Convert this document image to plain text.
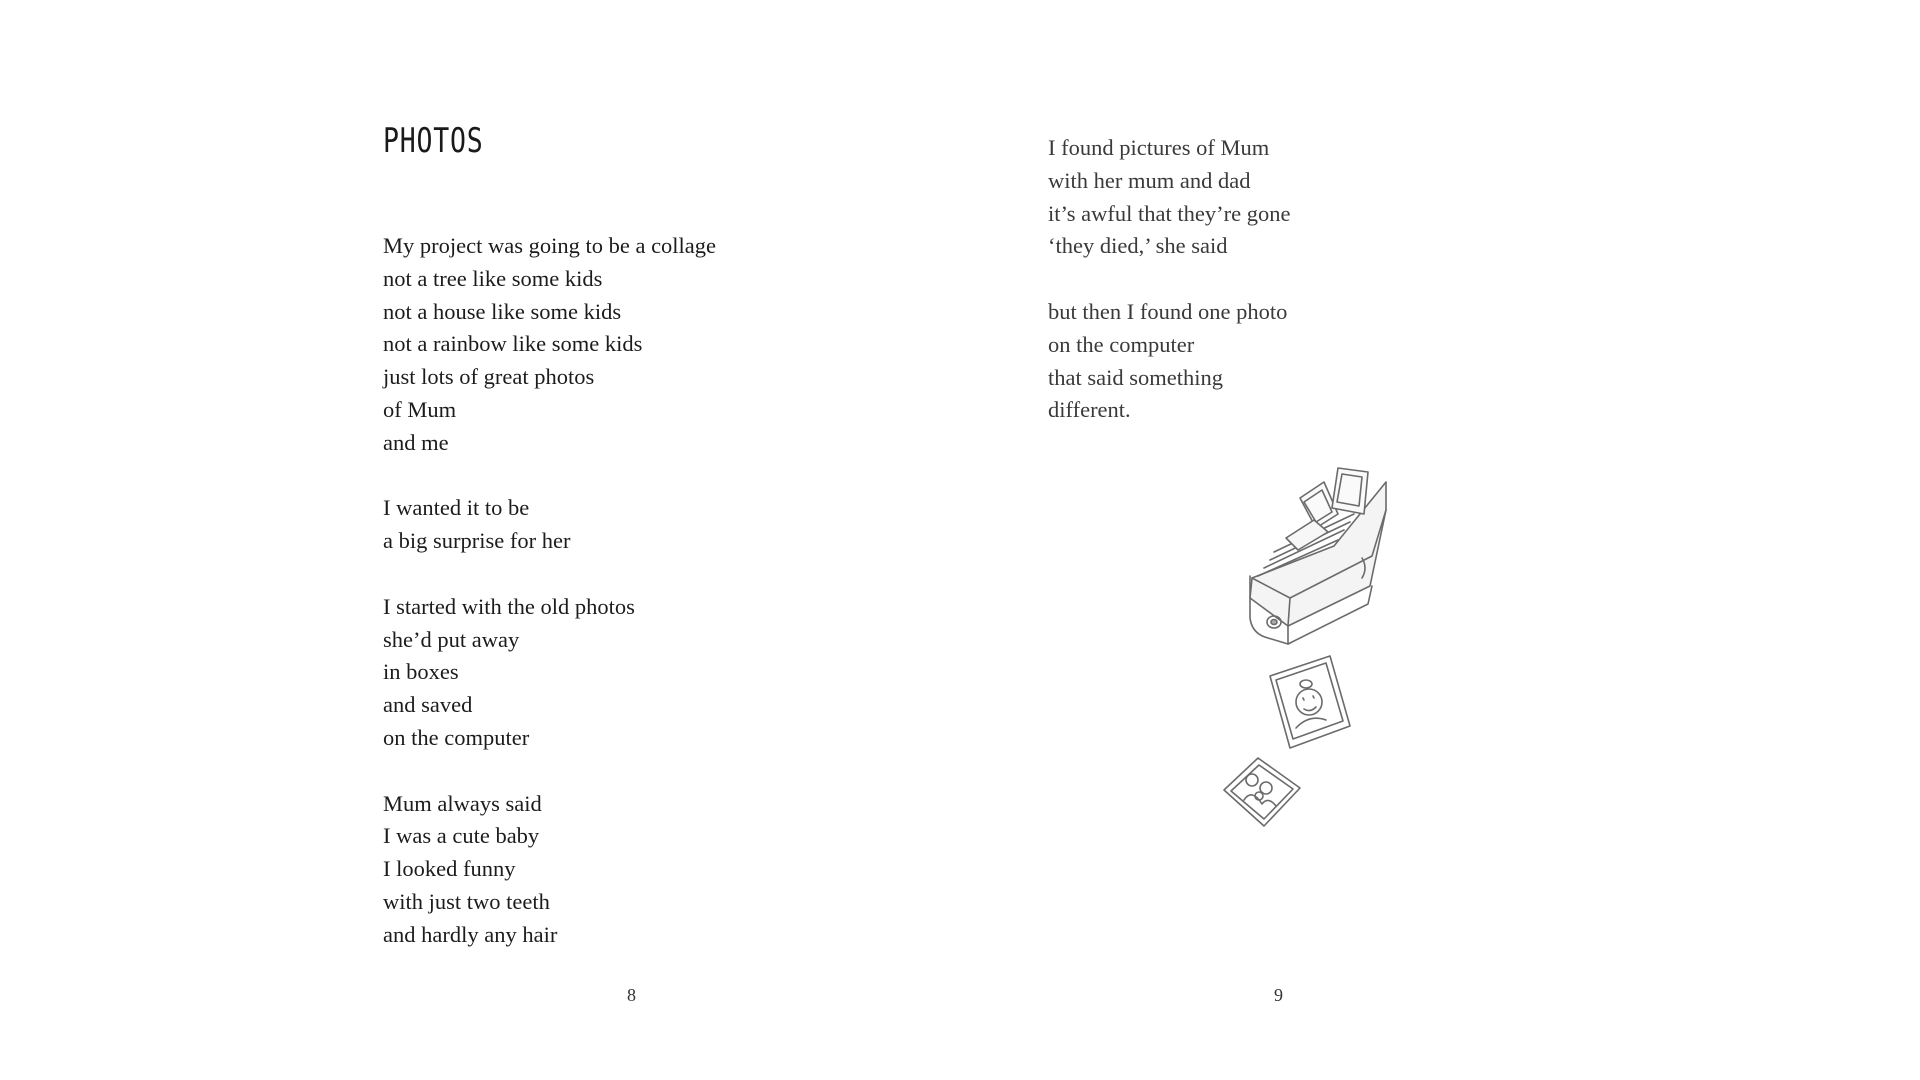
PHOTOS

My project was going to be a collage
not a tree like some kids
not a house like some kids
not a rainbow like some kids
just lots of great photos
of Mum
and me

I wanted it to be
a big surprise for her

I started with the old photos
she’d put away
in boxes
and saved
on the computer

Mum always said
I was a cute baby
I looked funny
with just two teeth
and hardly any hair

8

I found pictures of Mum
with her mum and dad
it’s awful that they’re gone
‘they died,’ she said

but then I found one photo
on the computer
that said something
different.

9
